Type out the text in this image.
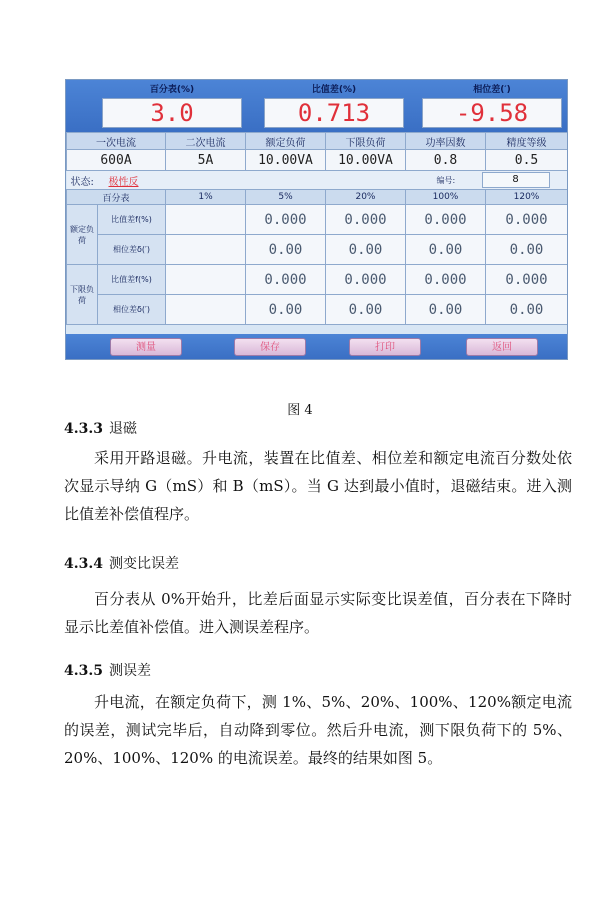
百分表(%)
3.0
比值差(%)
0.713
相位差(′)
-9.58
一次电流		二次电流	额定负荷	下限负荷	功率因数	精度等级
600A		5A	10.00VA	10.00VA	0.8	0.5

状态: 极性反 编号: 8						

百分表		1%	5%	20%	100%	120%
额定负荷	比值差f(%)		0.000	0.000	0.000	0.000
	相位差δ(′)		0.00	0.00	0.00	0.00
下限负荷	比值差f(%)		0.000	0.000	0.000	0.000
	相位差δ(′)		0.00	0.00	0.00	0.00
测量	保存	打印	返回
图 4
4.3.3 退磁

采用开路退磁。升电流，装置在比值差、相位差和额定电流百分数处依次显示导纳 G（mS）和 B（mS）。当 G 达到最小值时，退磁结束。进入测比值差补偿值程序。

4.3.4 测变比误差

百分表从 0%开始升，比差后面显示实际变比误差值，百分表在下降时显示比差值补偿值。进入测误差程序。

4.3.5 测误差

升电流，在额定负荷下，测 1%、5%、20%、100%、120%额定电流的误差，测试完毕后，自动降到零位。然后升电流，测下限负荷下的 5%、20%、100%、120% 的电流误差。最终的结果如图 5。
